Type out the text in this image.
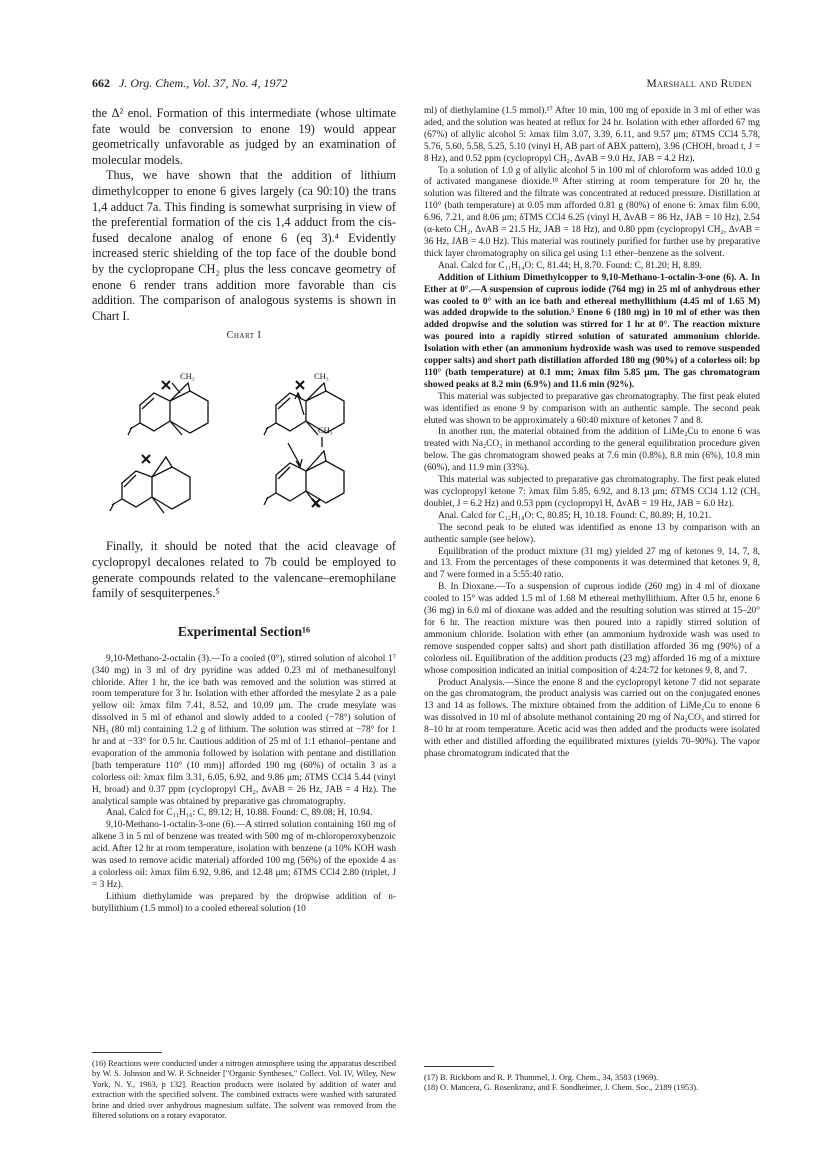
662 J. Org. Chem., Vol. 37, No. 4, 1972	Marshall and Ruden

the Δ² enol. Formation of this intermediate (whose ultimate fate would be conversion to enone 19) would appear geometrically unfavorable as judged by an examination of molecular models.

Thus, we have shown that the addition of lithium dimethylcopper to enone 6 gives largely (ca 90:10) the trans 1,4 adduct 7a. This finding is somewhat surprising in view of the preferential formation of the cis 1,4 adduct from the cis-fused decalone analog of enone 6 (eq 3).⁴ Evidently increased steric shielding of the top face of the double bond by the cyclopropane CH₂ plus the less concave geometry of enone 6 render trans addition more favorable than cis addition. The comparison of analogous systems is shown in Chart I.

Chart I
CH₃	CH₃
CH₃

Finally, it should be noted that the acid cleavage of cyclopropyl decalones related to 7b could be employed to generate compounds related to the valencane–eremophilane family of sesquiterpenes.⁵

Experimental Section¹⁶

9,10-Methano-2-octalin (3).—To a cooled (0°), stirred solution of alcohol 1⁷ (340 mg) in 3 ml of dry pyridine was added 0.23 ml of methanesulfonyl chloride. After 1 hr, the ice bath was removed and the solution was stirred at room temperature for 3 hr. Isolation with ether afforded the mesylate 2 as a pale yellow oil: λmax film 7.41, 8.52, and 10.09 μm. The crude mesylate was dissolved in 5 ml of ethanol and slowly added to a cooled (−78°) solution of NH₃ (80 ml) containing 1.2 g of lithium. The solution was stirred at −78° for 1 hr and at −33° for 0.5 hr. Cautious addition of 25 ml of 1:1 ethanol–pentane and evaporation of the ammonia followed by isolation with pentane and distillation [bath temperature 110° (10 mm)] afforded 190 mg (60%) of octalin 3 as a colorless oil: λmax film 3.31, 6.05, 6.92, and 9.86 μm; δTMS CCl4 5.44 (vinyl H, broad) and 0.37 ppm (cyclopropyl CH₂, ΔνAB = 26 Hz, JAB = 4 Hz). The analytical sample was obtained by preparative gas chromatography.

Anal. Calcd for C₁₁H₁₆: C, 89.12; H, 10.88. Found: C, 89.08; H, 10.94.

9,10-Methano-1-octalin-3-one (6).—A stirred solution containing 160 mg of alkene 3 in 5 ml of benzene was treated with 500 mg of m-chloroperoxybenzoic acid. After 12 hr at room temperature, isolation with benzene (a 10% KOH wash was used to remove acidic material) afforded 100 mg (56%) of the epoxide 4 as a colorless oil: λmax film 6.92, 9.86, and 12.48 μm; δTMS CCl4 2.80 (triplet, J = 3 Hz).

Lithium diethylamide was prepared by the dropwise addition of n-butyllithium (1.5 mmol) to a cooled ethereal solution (10

(16) Reactions were conducted under a nitrogen atmosphere using the apparatus described by W. S. Johnson and W. P. Schneider ["Organic Syntheses," Collect. Vol. IV, Wiley, New York, N. Y., 1963, p 132]. Reaction products were isolated by addition of water and extraction with the specified solvent. The combined extracts were washed with saturated brine and dried over anhydrous magnesium sulfate. The solvent was removed from the filtered solutions on a rotary evaporator.

ml) of diethylamine (1.5 mmol).¹⁷ After 10 min, 100 mg of epoxide in 3 ml of ether was aded, and the solution was heated at reflux for 24 hr. Isolation with ether afforded 67 mg (67%) of allylic alcohol 5: λmax film 3.07, 3.39, 6.11, and 9.57 μm; δTMS CCl4 5.78, 5.76, 5.60, 5.58, 5.25, 5.10 (vinyl H, AB part of ABX pattern), 3.96 (CHOH, broad t, J = 8 Hz), and 0.52 ppm (cyclopropyl CH₂, ΔνAB = 9.0 Hz, JAB = 4.2 Hz).

To a solution of 1.0 g of allylic alcohol 5 in 100 ml of chloroform was added 10.0 g of activated manganese dioxide.¹⁸ After stirring at room temperature for 20 hr, the solution was filtered and the filtrate was concentrated at reduced pressure. Distillation at 110° (bath temperature) at 0.05 mm afforded 0.81 g (80%) of enone 6: λmax film 6.00, 6.96, 7.21, and 8.06 μm; δTMS CCl4 6.25 (vinyl H, ΔνAB = 86 Hz, JAB = 10 Hz), 2.54 (α-keto CH₂, ΔνAB = 21.5 Hz, JAB = 18 Hz), and 0.80 ppm (cyclopropyl CH₂, ΔνAB = 36 Hz, JAB = 4.0 Hz). This material was routinely purified for further use by preparative thick layer chromatography on silica gel using 1:1 ether–benzene as the solvent.

Anal. Calcd for C₁₁H₁₄O: C, 81.44; H, 8.70. Found: C, 81.20; H, 8.89.

Addition of Lithium Dimethylcopper to 9,10-Methano-1-octalin-3-one (6). A. In Ether at 0°.—A suspension of cuprous iodide (764 mg) in 25 ml of anhydrous ether was cooled to 0° with an ice bath and ethereal methyllithium (4.45 ml of 1.65 M) was added dropwide to the solution.⁵ Enone 6 (180 mg) in 10 ml of ether was then added dropwise and the solution was stirred for 1 hr at 0°. The reaction mixture was poured into a rapidly stirred solution of saturated ammonium chloride. Isolation with ether (an ammonium hydroxide wash was used to remove suspended copper salts) and short path distillation afforded 180 mg (90%) of a colorless oil: bp 110° (bath temperature) at 0.1 mm; λmax film 5.85 μm. The gas chromatogram showed peaks at 8.2 min (6.9%) and 11.6 min (92%).

This material was subjected to preparative gas chromatography. The first peak eluted was identified as enone 9 by comparison with an authentic sample. The second peak eluted was shown to be approximately a 60:40 mixture of ketones 7 and 8.

In another run, the material obtained from the addition of LiMe₂Cu to enone 6 was treated with Na₂CO₃ in methanol according to the general equilibration procedure given below. The gas chromatogram showed peaks at 7.6 min (0.8%), 8.8 min (6%), 10.8 min (60%), and 11.9 min (33%).

This material was subjected to preparative gas chromatography. The first peak eluted was cyclopropyl ketone 7: λmax film 5.85, 6.92, and 8.13 μm; δTMS CCl4 1.12 (CH₃ doublet, J = 6.2 Hz) and 0.53 ppm (cyclopropyl H, ΔνAB = 19 Hz, JAB = 6.0 Hz).

Anal. Calcd for C₁₂H₁₈O: C, 80.85; H, 10.18. Found: C, 80.89; H, 10.21.

The second peak to be eluted was identified as enone 13 by comparison with an authentic sample (see below).

Equilibration of the product mixture (31 mg) yielded 27 mg of ketones 9, 14, 7, 8, and 13. From the percentages of these components it was determined that ketones 9, 8, and 7 were formed in a 5:55:40 ratio.

B. In Dioxane.—To a suspension of cuprous iodide (260 mg) in 4 ml of dioxane cooled to 15° was added 1.5 ml of 1.68 M ethereal methyllithium. After 0.5 hr, enone 6 (36 mg) in 6.0 ml of dioxane was added and the resulting solution was stirred at 15–20° for 6 hr. The reaction mixture was then poured into a rapidly stirred solution of ammonium chloride. Isolation with ether (an ammonium hydroxide wash was used to remove suspended copper salts) and short path distillation afforded 36 mg (90%) of a colorless oil. Equilibration of the addition products (23 mg) afforded 16 mg of a mixture whose composition indicated an initial composition of 4:24:72 for ketones 9, 8, and 7.

Product Analysis.—Since the enone 8 and the cyclopropyl ketone 7 did not separate on the gas chromatogram, the product analysis was carried out on the conjugated enones 13 and 14 as follows. The mixture obtained from the addition of LiMe₂Cu to enone 6 was dissolved in 10 ml of absolute methanol containing 20 mg of Na₂CO₃ and stirred for 8–10 hr at room temperature. Acetic acid was then added and the products were isolated with ether and distilled affording the equilibrated mixtures (yields 70–90%). The vapor phase chromatogram indicated that the

(17) B. Rickborn and R. P. Thummel, J. Org. Chem., 34, 3583 (1969).

(18) O. Mancera, G. Rosenkranz, and F. Sondheimer, J. Chem. Soc., 2189 (1953).
